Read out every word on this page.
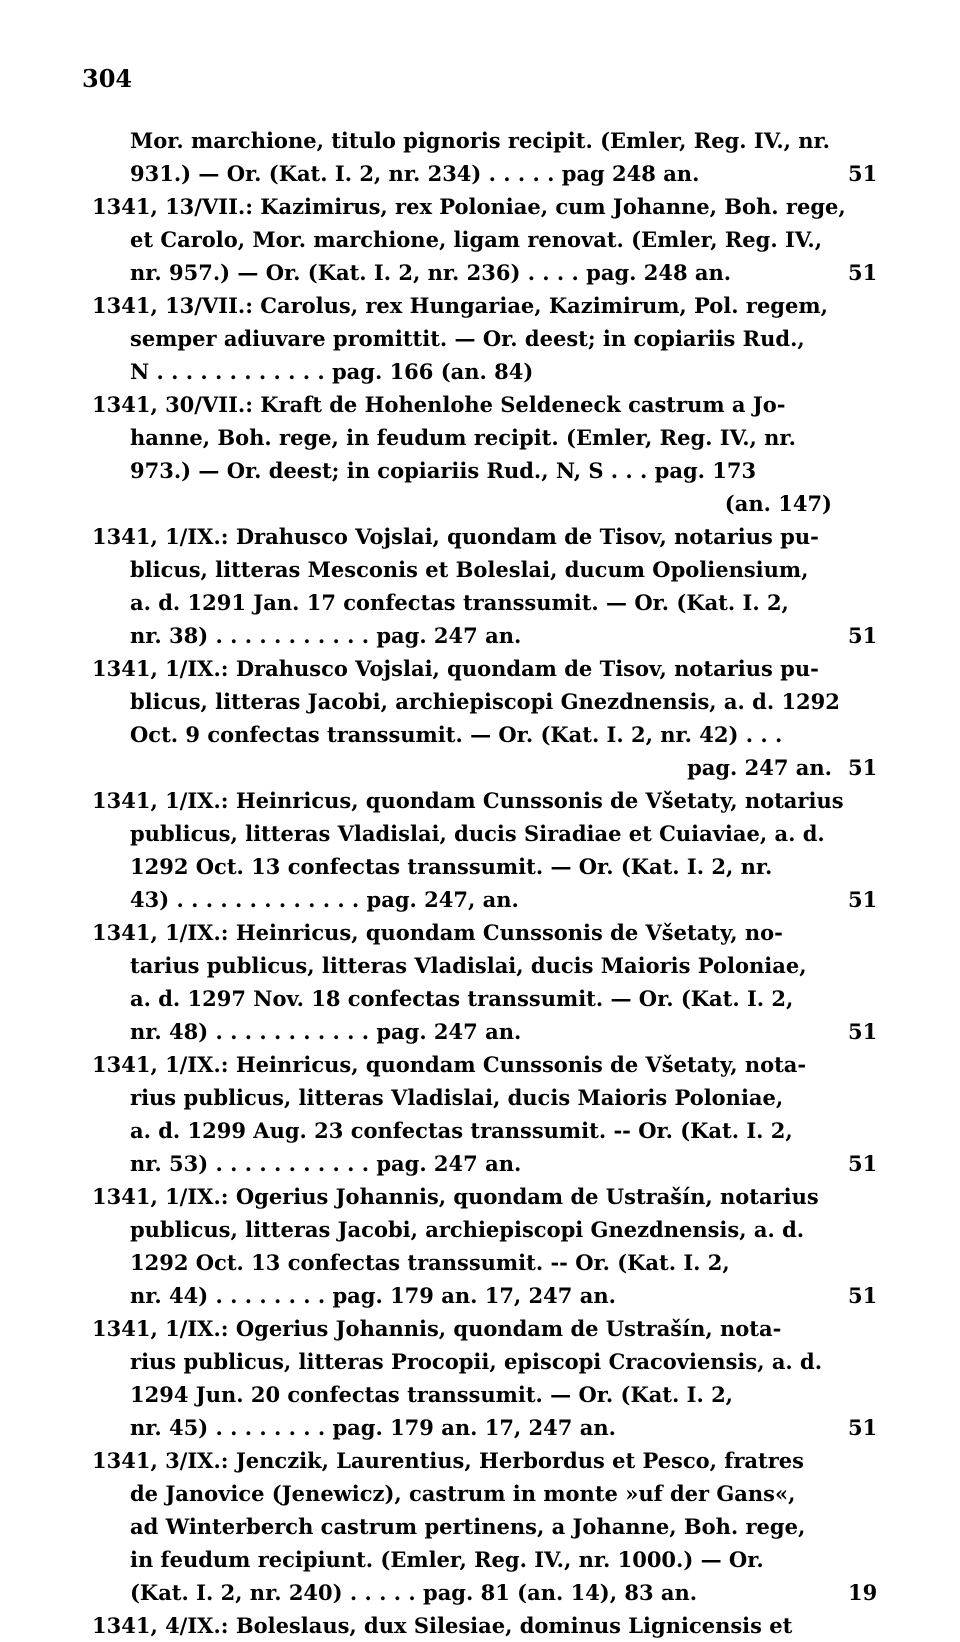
304
Mor. marchione, titulo pignoris recipit. (Emler, Reg. IV., nr.
931.) — Or. (Kat. I. 2, nr. 234) . . . . . pag 248 an.	51
1341, 13/VII.: Kazimirus, rex Poloniae, cum Johanne, Boh. rege,
et Carolo, Mor. marchione, ligam renovat. (Emler, Reg. IV.,
nr. 957.) — Or. (Kat. I. 2, nr. 236) . . . . pag. 248 an.	51
1341, 13/VII.: Carolus, rex Hungariae, Kazimirum, Pol. regem,
semper adiuvare promittit. — Or. deest; in copiariis Rud.,
N . . . . . . . . . . . . pag. 166 (an. 84)
1341, 30/VII.: Kraft de Hohenlohe Seldeneck castrum a Jo-
hanne, Boh. rege, in feudum recipit. (Emler, Reg. IV., nr.
973.) — Or. deest; in copiariis Rud., N, S . . . pag. 173
(an. 147)
1341, 1/IX.: Drahusco Vojslai, quondam de Tisov, notarius pu-
blicus, litteras Mesconis et Boleslai, ducum Opoliensium,
a. d. 1291 Jan. 17 confectas transsumit. — Or. (Kat. I. 2,
nr. 38) . . . . . . . . . . . pag. 247 an.	51
1341, 1/IX.: Drahusco Vojslai, quondam de Tisov, notarius pu-
blicus, litteras Jacobi, archiepiscopi Gnezdnensis, a. d. 1292
Oct. 9 confectas transsumit. — Or. (Kat. I. 2, nr. 42) . . .
pag. 247 an. 51
1341, 1/IX.: Heinricus, quondam Cunssonis de Všetaty, notarius
publicus, litteras Vladislai, ducis Siradiae et Cuiaviae, a. d.
1292 Oct. 13 confectas transsumit. — Or. (Kat. I. 2, nr.
43) . . . . . . . . . . . . . pag. 247, an.	51
1341, 1/IX.: Heinricus, quondam Cunssonis de Všetaty, no-
tarius publicus, litteras Vladislai, ducis Maioris Poloniae,
a. d. 1297 Nov. 18 confectas transsumit. — Or. (Kat. I. 2,
nr. 48) . . . . . . . . . . . pag. 247 an.	51
1341, 1/IX.: Heinricus, quondam Cunssonis de Všetaty, nota-
rius publicus, litteras Vladislai, ducis Maioris Poloniae,
a. d. 1299 Aug. 23 confectas transsumit. -- Or. (Kat. I. 2,
nr. 53) . . . . . . . . . . . pag. 247 an.	51
1341, 1/IX.: Ogerius Johannis, quondam de Ustrašín, notarius
publicus, litteras Jacobi, archiepiscopi Gnezdnensis, a. d.
1292 Oct. 13 confectas transsumit. -- Or. (Kat. I. 2,
nr. 44) . . . . . . . . pag. 179 an. 17, 247 an.	51
1341, 1/IX.: Ogerius Johannis, quondam de Ustrašín, nota-
rius publicus, litteras Procopii, episcopi Cracoviensis, a. d.
1294 Jun. 20 confectas transsumit. — Or. (Kat. I. 2,
nr. 45) . . . . . . . . pag. 179 an. 17, 247 an.	51
1341, 3/IX.: Jenczik, Laurentius, Herbordus et Pesco, fratres
de Janovice (Jenewicz), castrum in monte »uf der Gans«,
ad Winterberch castrum pertinens, a Johanne, Boh. rege,
in feudum recipiunt. (Emler, Reg. IV., nr. 1000.) — Or.
(Kat. I. 2, nr. 240) . . . . . pag. 81 (an. 14), 83 an.	19
1341, 4/IX.: Boleslaus, dux Silesiae, dominus Lignicensis et
